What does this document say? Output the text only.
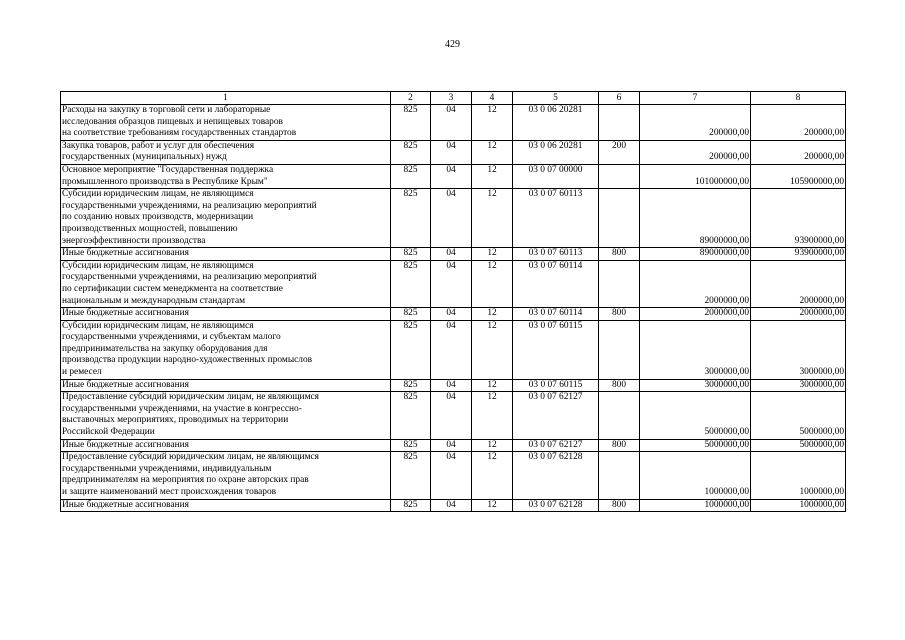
429
1	2	3	4	5	6	7	8

Расходы на закупку в торговой сети и лабораторные
исследования образцов пищевых и непищевых товаров
на соответствие требованиям государственных стандартов	825	04	12	03 0 06 20281		200000,00	200000,00

Закупка товаров, работ и услуг для обеспечения
государственных (муниципальных) нужд	825	04	12	03 0 06 20281	200	200000,00	200000,00

Основное мероприятие "Государственная поддержка
промышленного производства в Республике Крым"	825	04	12	03 0 07 00000		101000000,00	105900000,00

Субсидии юридическим лицам, не являющимся
государственными учреждениями, на реализацию мероприятий
по созданию новых производств, модернизации
производственных мощностей, повышению
энергоэффективности производства	825	04	12	03 0 07 60113		89000000,00	93900000,00

Иные бюджетные ассигнования	825	04	12	03 0 07 60113	800	89000000,00	93900000,00

Субсидии юридическим лицам, не являющимся
государственными учреждениями, на реализацию мероприятий
по сертификации систем менеджмента на соответствие
национальным и международным стандартам	825	04	12	03 0 07 60114		2000000,00	2000000,00

Иные бюджетные ассигнования	825	04	12	03 0 07 60114	800	2000000,00	2000000,00

Субсидии юридическим лицам, не являющимся
государственными учреждениями, и субъектам малого
предпринимательства на закупку оборудования для
производства продукции народно-художественных промыслов
и ремесел	825	04	12	03 0 07 60115		3000000,00	3000000,00

Иные бюджетные ассигнования	825	04	12	03 0 07 60115	800	3000000,00	3000000,00

Предоставление субсидий юридическим лицам, не являющимся
государственными учреждениями, на участие в конгрессно-
выставочных мероприятиях, проводимых на территории
Российской Федерации	825	04	12	03 0 07 62127		5000000,00	5000000,00

Иные бюджетные ассигнования	825	04	12	03 0 07 62127	800	5000000,00	5000000,00

Предоставление субсидий юридическим лицам, не являющимся
государственными учреждениями, индивидуальным
предпринимателям на мероприятия по охране авторских прав
и защите наименований мест происхождения товаров	825	04	12	03 0 07 62128		1000000,00	1000000,00

Иные бюджетные ассигнования	825	04	12	03 0 07 62128	800	1000000,00	1000000,00
